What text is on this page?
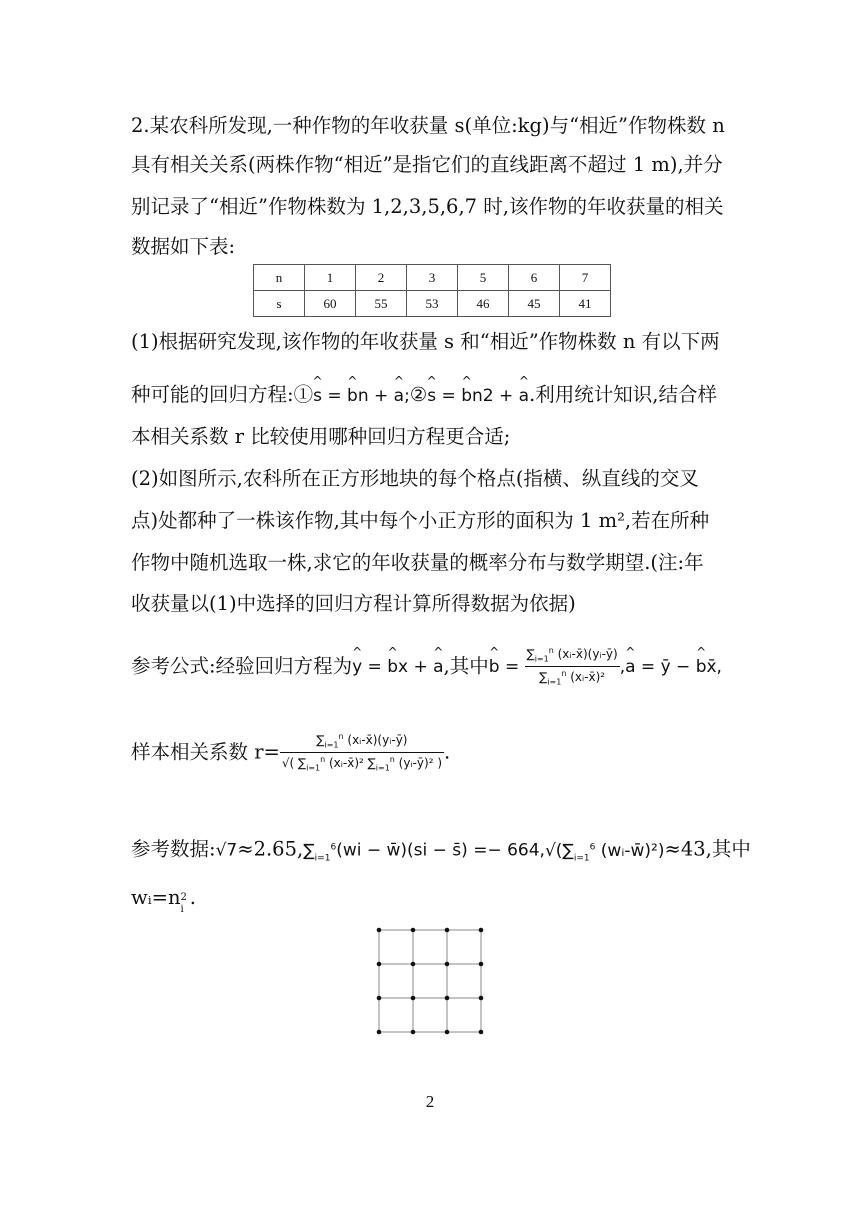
2.某农科所发现,一种作物的年收获量 s(单位:kg)与“相近”作物株数 n
具有相关关系(两株作物“相近”是指它们的直线距离不超过 1 m),并分
别记录了“相近”作物株数为 1,2,3,5,6,7 时,该作物的年收获量的相关
数据如下表:
n	1	2	3	5	6	7
s	60	55	53	46	45	41
(1)根据研究发现,该作物的年收获量 s 和“相近”作物株数 n 有以下两
种可能的回归方程:①^ s = ^ bn + ^ a;②^ s = ^ bn2 + ^ a.利用统计知识,结合样
本相关系数 r 比较使用哪种回归方程更合适;
(2)如图所示,农科所在正方形地块的每个格点(指横、纵直线的交叉
点)处都种了一株该作物,其中每个小正方形的面积为 1 m²,若在所种
作物中随机选取一株,求它的年收获量的概率分布与数学期望.(注:年
收获量以(1)中选择的回归方程计算所得数据为依据)
参考公式:经验回归方程为^ y = ^ bx + ^ a,其中^ $b = \frac{\sum_{i=1}^n (xᵢ-x̄)(yᵢ-ȳ)}{\sum_{i=1}^n (xᵢ-x̄)^2}$ ,^ a = ȳ − ^ bx̄,
样本相关系数 $r= \frac{\sum_{i=1}^n (xᵢ-x̄)(yᵢ-ȳ)}{√( \sum_{i=1}^n (xᵢ-x̄)^2 \sum_{i=1}^n (yᵢ-ȳ)^2 )}$ .
参考数据$:√7\approx 2.65,\sum_{i=1}^6(wi$ − w̄)(si − s̄) =− $664,√(\sum_{i=1}^6$ (wᵢ-w̄)²)≈43,其中
wᵢ=n 2
$_i$.
2
